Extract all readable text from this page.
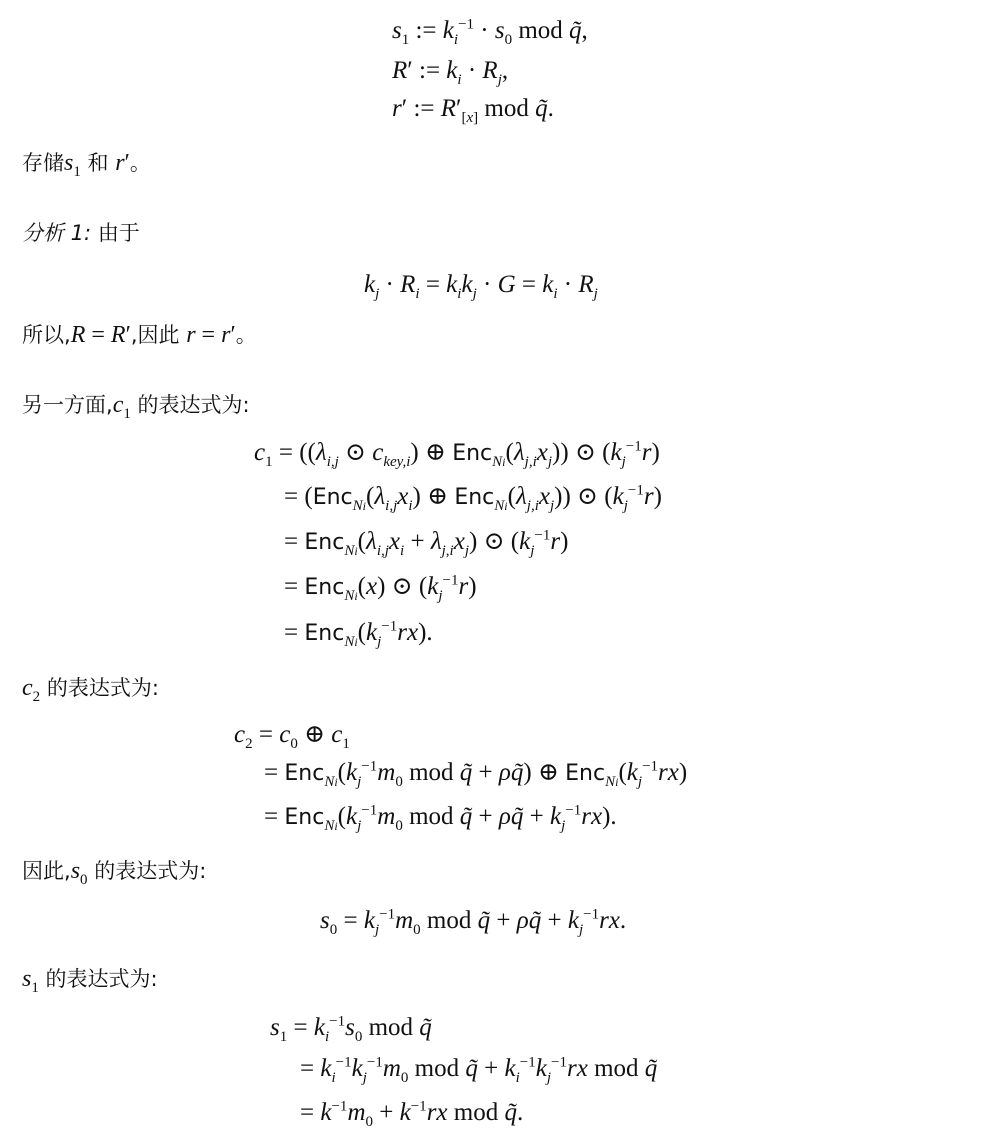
$s_1$ := $k_i^{-1} \cdot s_0$ mod q̃,
R′ := $k_i \cdot R_j$,
r′ := $R'_{[x]}$ mod q̃.
存储$s_1$ 和 r′。
分析 1: 由于
$k_j \cdot R_i = k_ik_j \cdot G = k_i \cdot R_j$
所以,R = R′,因此 r = r′。
另一方面$,c_1$ 的表达式为:
$c_1 = ((\lambda_{i,j}$ ⊙ $c_{key,i}$) ⊕ $Enc_{Ni}(\lambda_{j,i}x_j)$) ⊙ $(k_j^{-1}r)$
= ($Enc_{Ni}(\lambda_{i,j}x_i)$ ⊕ $Enc_{Ni}(\lambda_{j,i}x_j)$) ⊙ $(k_j^{-1}r)$
= $Enc_{Ni}(\lambda_{i,j}x_i + \lambda_{j,i}x_j)$ ⊙ $(k_j^{-1}r)$
= Enc$_{Ni}$(x) ⊙ $(k_j^{-1}r)$
= $Enc_{Ni}(k_j^{-1}rx)$.
$c_2$ 的表达式为:
$c_2 = c_0$ ⊕ $c_1$
= $Enc_{Ni}(k_j^{-1}m_0$ mod q̃ + ρq̃) ⊕ $Enc_{Ni}(k_j^{-1}rx)$
= $Enc_{Ni}(k_j^{-1}m_0$ mod q̃ + ρq̃ + $k_j^{-1}rx$).
因此$,s_0$ 的表达式为:
$s_0 = k_j^{-1}m_0$ mod q̃ + ρq̃ + $k_j^{-1}rx$.
$s_1$ 的表达式为:
$s_1 = k_i^{-1}s_0$ mod q̃
= $k_i^{-1}k_j^{-1}m_0$ mod q̃ + $k_i^{-1}k_j^{-1}rx$ mod q̃
= $k^{-1}m_0 + k^{-1}rx$ mod q̃.
